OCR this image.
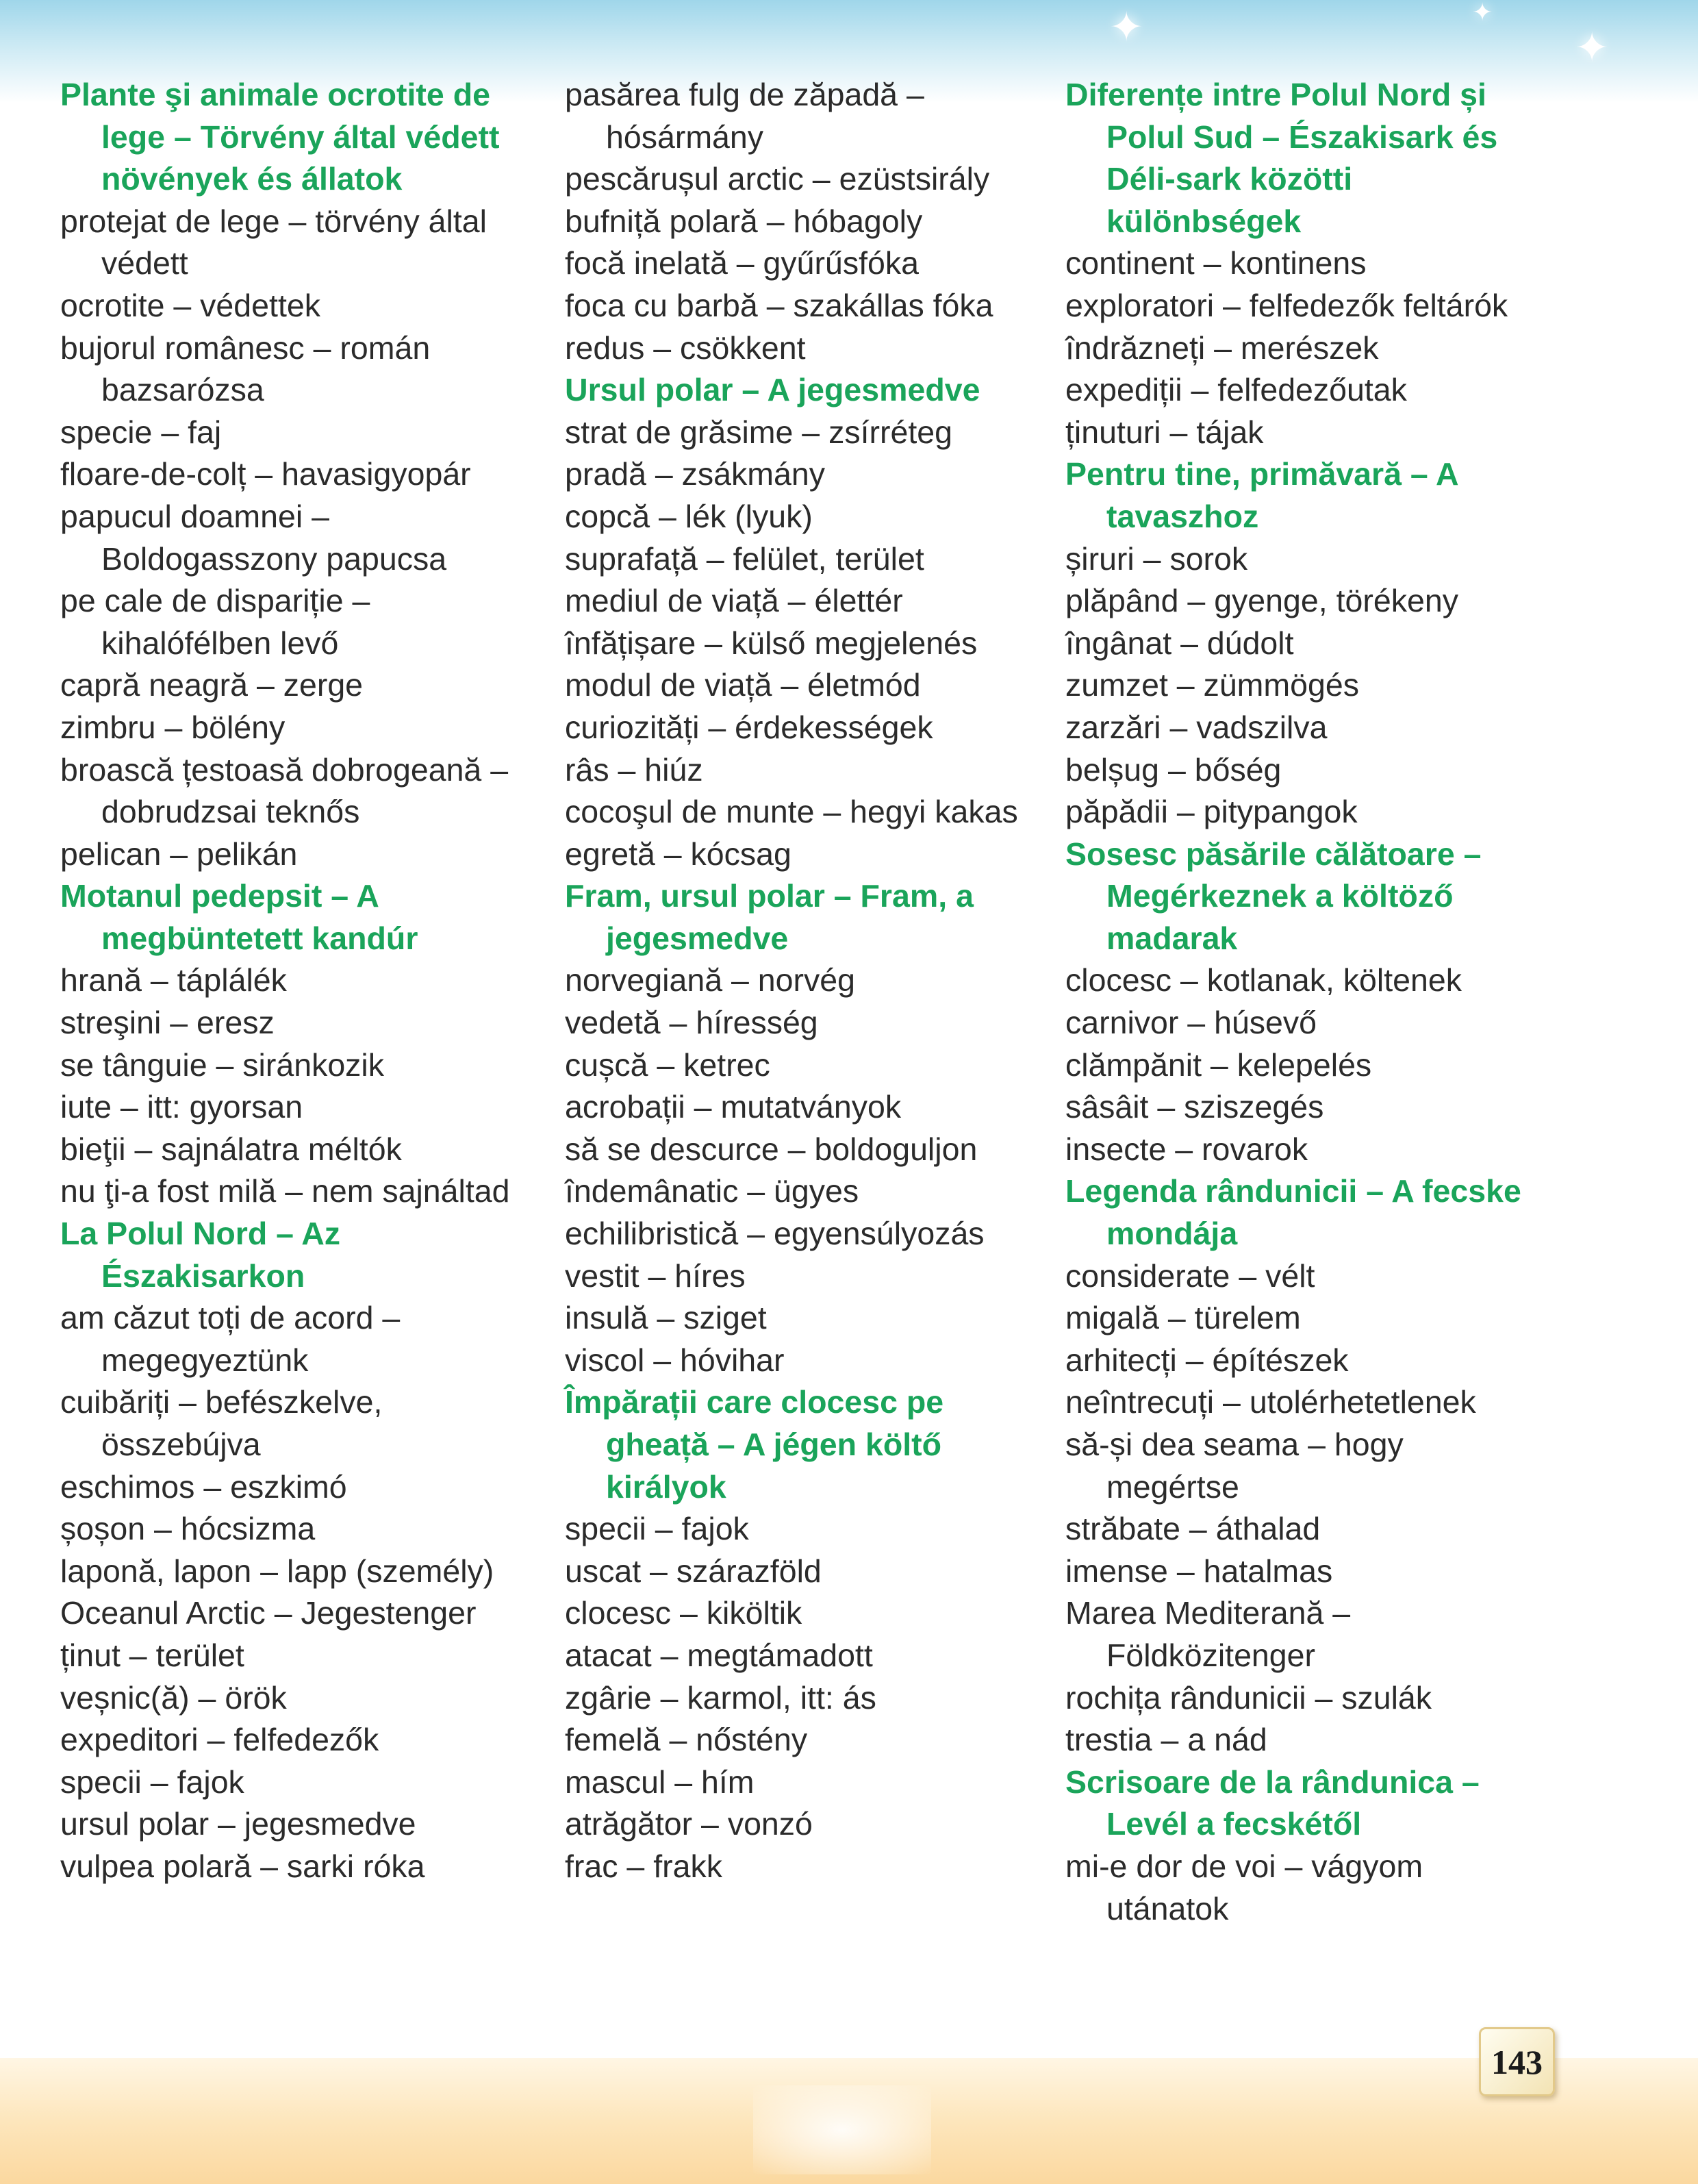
✦	✦
✦
Plante şi animale ocrotite de lege – Törvény által védett növények és állatok
protejat de lege – törvény által védett
ocrotite – védettek
bujorul românesc – román bazsarózsa
specie – faj
floare-de-colț – havasigyopár
papucul doamnei – Boldogasszony papucsa
pe cale de dispariție – kihalófélben levő
capră neagră – zerge
zimbru – bölény
broască țestoasă dobrogeană – dobrudzsai teknős
pelican – pelikán
Motanul pedepsit – A megbüntetett kandúr
hrană – táplálék
streşini – eresz
se tânguie – siránkozik
iute – itt: gyorsan
bieţii – sajnálatra méltók
nu ţi-a fost milă – nem sajnáltad
La Polul Nord – Az Északisarkon
am căzut toți de acord – megegyeztünk
cuibăriți – befészkelve, összebújva
eschimos – eszkimó
șoșon – hócsizma
laponă, lapon – lapp (személy)
Oceanul Arctic – Jegestenger
ținut – terület
veșnic(ă) – örök
expeditori – felfedezők
specii – fajok
ursul polar – jegesmedve
vulpea polară – sarki róka
pasărea fulg de zăpadă – hósármány
pescărușul arctic – ezüstsirály
bufniță polară – hóbagoly
focă inelată – gyűrűsfóka
foca cu barbă – szakállas fóka
redus – csökkent
Ursul polar – A jegesmedve
strat de grăsime – zsírréteg
pradă – zsákmány
copcă – lék (lyuk)
suprafață – felület, terület
mediul de viață – élettér
înfățișare – külső megjelenés
modul de viață – életmód
curiozități – érdekességek
râs – hiúz
cocoşul de munte – hegyi kakas
egretă – kócsag
Fram, ursul polar – Fram, a jegesmedve
norvegiană – norvég
vedetă – híresség
cușcă – ketrec
acrobații – mutatványok
să se descurce – boldoguljon
îndemânatic – ügyes
echilibristică – egyensúlyozás
vestit – híres
insulă – sziget
viscol – hóvihar
Împărații care clocesc pe gheață – A jégen költő királyok
specii – fajok
uscat – szárazföld
clocesc – kiköltik
atacat – megtámadott
zgârie – karmol, itt: ás
femelă – nőstény
mascul – hím
atrăgător – vonzó
frac – frakk
Diferențe intre Polul Nord și Polul Sud – Északisark és Déli-sark közötti különbségek
continent – kontinens
exploratori – felfedezők feltárók
îndrăzneți – merészek
expediții – felfedezőutak
ținuturi – tájak
Pentru tine, primăvară – A tavaszhoz
șiruri – sorok
plăpând – gyenge, törékeny
îngânat – dúdolt
zumzet – zümmögés
zarzări – vadszilva
belșug – bőség
păpădii – pitypangok
Sosesc păsările călătoare – Megérkeznek a költöző madarak
clocesc – kotlanak, költenek
carnivor – húsevő
clămpănit – kelepelés
sâsâit – sziszegés
insecte – rovarok
Legenda rândunicii – A fecske mondája
considerate – vélt
migală – türelem
arhitecți – építészek
neîntrecuți – utolérhetetlenek
să-și dea seama – hogy megértse
străbate – áthalad
imense – hatalmas
Marea Mediterană – Földközitenger
rochița rândunicii – szulák
trestia – a nád
Scrisoare de la rândunica – Levél a fecskétől
mi-e dor de voi – vágyom utánatok
143
